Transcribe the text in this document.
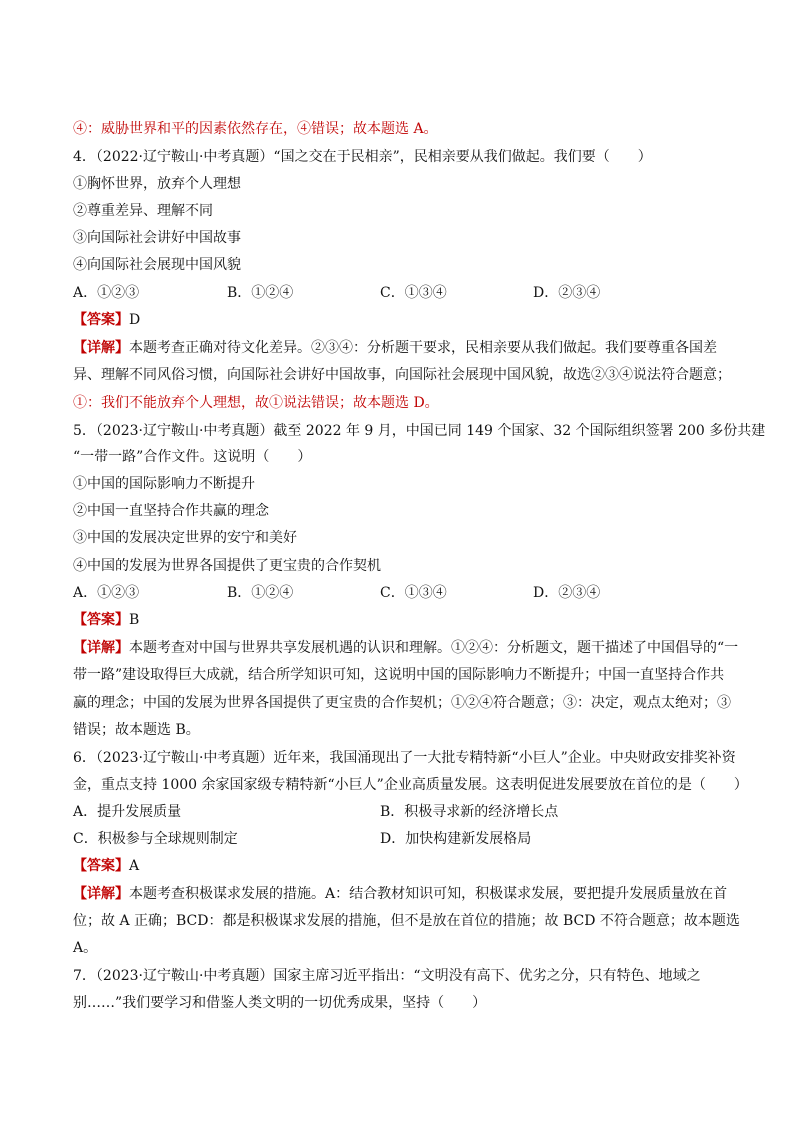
④：威胁世界和平的因素依然存在，④错误；故本题选 A。
4．（2022·辽宁鞍山·中考真题）“国之交在于民相亲”，民相亲要从我们做起。我们要（　　）
①胸怀世界，放弃个人理想
②尊重差异、理解不同
③向国际社会讲好中国故事
④向国际社会展现中国风貌
A．①②③	B．①②④	C．①③④	D．②③④
【答案】D
【详解】本题考查正确对待文化差异。②③④：分析题干要求，民相亲要从我们做起。我们要尊重各国差
异、理解不同风俗习惯，向国际社会讲好中国故事，向国际社会展现中国风貌，故选②③④说法符合题意；
①：我们不能放弃个人理想，故①说法错误；故本题选 D。
5．（2023·辽宁鞍山·中考真题）截至 2022 年 9 月，中国已同 149 个国家、32 个国际组织签署 200 多份共建
“一带一路”合作文件。这说明（　　）
①中国的国际影响力不断提升
②中国一直坚持合作共赢的理念
③中国的发展决定世界的安宁和美好
④中国的发展为世界各国提供了更宝贵的合作契机
A．①②③	B．①②④	C．①③④	D．②③④
【答案】B
【详解】本题考查对中国与世界共享发展机遇的认识和理解。①②④：分析题文，题干描述了中国倡导的“一
带一路”建设取得巨大成就，结合所学知识可知，这说明中国的国际影响力不断提升；中国一直坚持合作共
赢的理念；中国的发展为世界各国提供了更宝贵的合作契机；①②④符合题意；③：决定，观点太绝对；③
错误；故本题选 B。
6．（2023·辽宁鞍山·中考真题）近年来，我国涌现出了一大批专精特新“小巨人”企业。中央财政安排奖补资
金，重点支持 1000 余家国家级专精特新“小巨人”企业高质量发展。这表明促进发展要放在首位的是（　　）
A．提升发展质量	B．积极寻求新的经济增长点
C．积极参与全球规则制定	D．加快构建新发展格局
【答案】A
【详解】本题考查积极谋求发展的措施。A：结合教材知识可知，积极谋求发展，要把提升发展质量放在首
位；故 A 正确；BCD：都是积极谋求发展的措施，但不是放在首位的措施；故 BCD 不符合题意；故本题选
A。
7．（2023·辽宁鞍山·中考真题）国家主席习近平指出：“文明没有高下、优劣之分，只有特色、地域之
别……”我们要学习和借鉴人类文明的一切优秀成果，坚持（　　）
